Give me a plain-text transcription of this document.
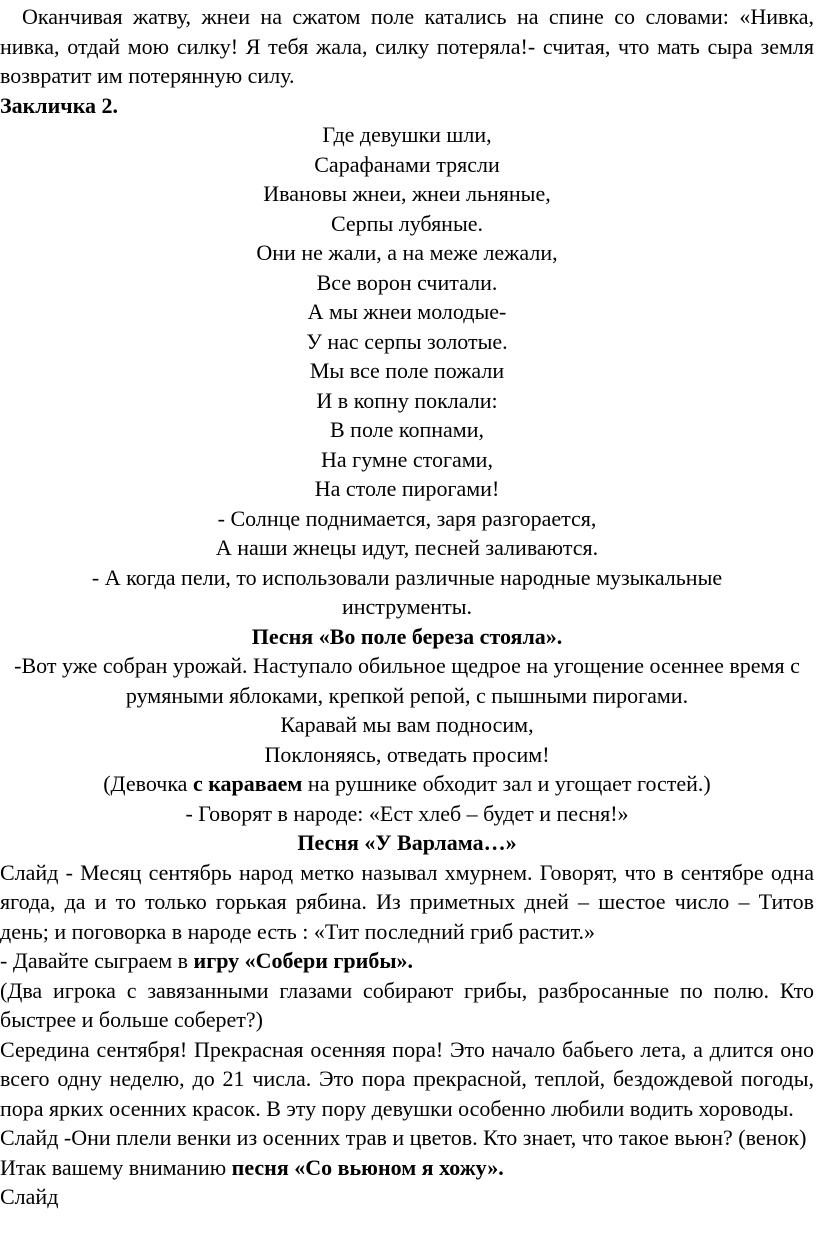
Оканчивая жатву, жнеи на сжатом поле катались на спине со словами: «Нивка, нивка, отдай мою силку! Я тебя жала, силку потеряла!- считая, что мать сыра земля возвратит им потерянную силу.

Закличка 2.

Где девушки шли,

Сарафанами трясли

Ивановы жнеи, жнеи льняные,

Серпы лубяные.

Они не жали, а на меже лежали,

Все ворон считали.

А мы жнеи молодые-

У нас серпы золотые.

Мы все поле пожали

И в копну поклали:

В поле копнами,

На гумне стогами,

На столе пирогами!

- Солнце поднимается, заря разгорается,

А наши жнецы идут, песней заливаются.

- А когда пели, то использовали различные народные музыкальные инструменты.

Песня «Во поле береза стояла».

-Вот уже собран урожай. Наступало обильное щедрое на угощение осеннее время с румяными яблоками, крепкой репой, с пышными пирогами.

Каравай мы вам подносим,

Поклоняясь, отведать просим!

(Девочка с караваем на рушнике обходит зал и угощает гостей.)

- Говорят в народе: «Ест хлеб – будет и песня!»

Песня «У Варлама…»

Слайд - Месяц сентябрь народ метко называл хмурнем. Говорят, что в сентябре одна ягода, да и то только горькая рябина. Из приметных дней – шестое число – Титов день; и поговорка в народе есть : «Тит последний гриб растит.»

- Давайте сыграем в игру «Собери грибы».

(Два игрока с завязанными глазами собирают грибы, разбросанные по полю. Кто быстрее и больше соберет?)

Середина сентября! Прекрасная осенняя пора! Это начало бабьего лета, а длится оно всего одну неделю, до 21 числа. Это пора прекрасной, теплой, бездождевой погоды, пора ярких осенних красок. В эту пору девушки особенно любили водить хороводы.

Слайд -Они плели венки из осенних трав и цветов. Кто знает, что такое вьюн? (венок)

Итак вашему вниманию песня «Со вьюном я хожу».

Слайд
